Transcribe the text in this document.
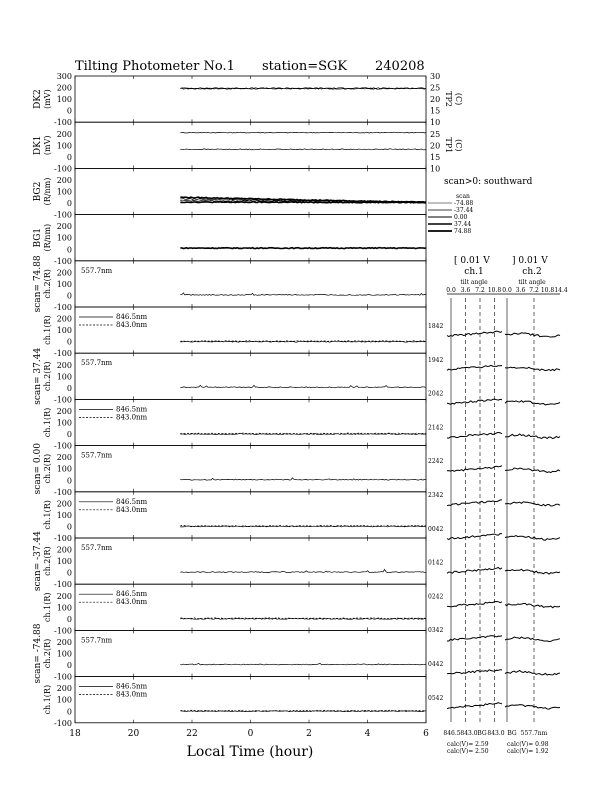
Tilting Photometer No.1 station=SGK 240208
300
200
100
0
-100
DK2 (mV)
30
25
20
15
10
TP2 (C)
200
100
0
-100
DK1 (mV)
25
20
15
10
TP1 (C)
200
100
0
-100
BG2 (R/nm)
200
100
0
-100
BG1 (R/nm)
200
100
0
-100
scan= 74.88 ch.2(R)	557.7nm
200
100
0
-100
ch.1(R)	846.5nm
843.0nm
200
100
0
-100
scan= 37.44 ch.2(R)	557.7nm
200
100
0
-100
ch.1(R)	846.5nm
843.0nm
200
100
0
-100
scan= 0.00 ch.2(R)	557.7nm
200
100
0
-100
ch.1(R)	846.5nm
843.0nm
200
100
0
-100
scan= -37.44 ch.2(R)	557.7nm
200
100
0
-100
ch.1(R)	846.5nm
843.0nm
200
100
0
-100
scan= -74.88 ch.2(R)	557.7nm
200
100
0
-100
ch.1(R)	846.5nm
843.0nm
Local Time (hour)
18	20	22	0	2	4	6
scan>0: southward
scan
-74.88
-37.44
0.00
37.44
74.88
[ 0.01 V ] 0.01 V
ch.1	ch.2
tilt angle	tilt angle
0.0 3.6 7.2 10.8 0.0 3.6 7.2 10.8 14.4
1842
1942
2042
2142
2242
2342
0042
0142
0242
0342
0442
0542
846.5 843.0 BG 843.0 BG 557.7nm
calc(V)= 2.59
calc(V)= 2.50
calc(V)= 0.98
calc(V)= 1.92
